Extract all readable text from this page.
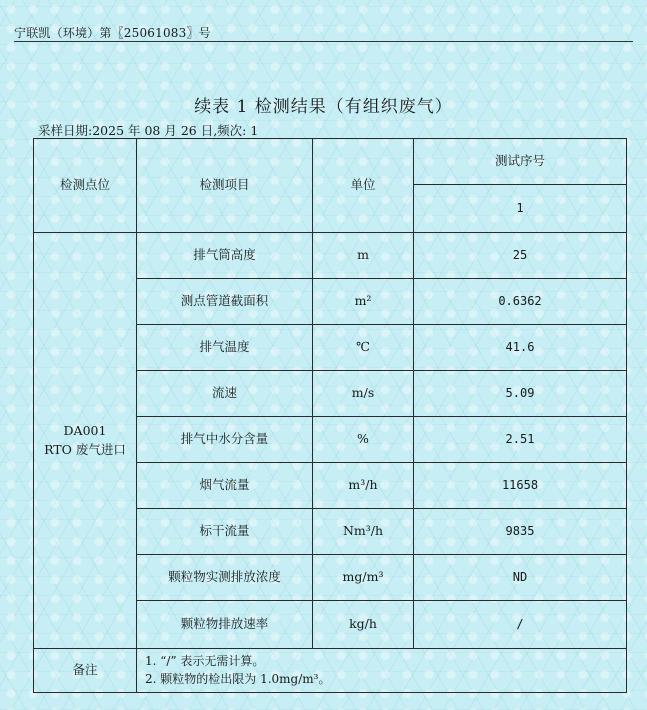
宁联凯（环境）第〖25061083〗号
续表 1 检测结果（有组织废气）
采样日期:2025 年 08 月 26 日,频次: 1
检测点位	检测项目	单位	测试序号
			1

DA001
RTO 废气进口	排气筒高度	m	25
	测点管道截面积	m²	0.6362
	排气温度	℃	41.6
	流速	m/s	5.09
	排气中水分含量	%	2.51
	烟气流量	m³/h	11658
	标干流量	Nm³/h	9835
	颗粒物实测排放浓度	mg/m³	ND
	颗粒物排放速率	kg/h	/
备注	1. “/” 表示无需计算。
2. 颗粒物的检出限为 1.0mg/m³。		
